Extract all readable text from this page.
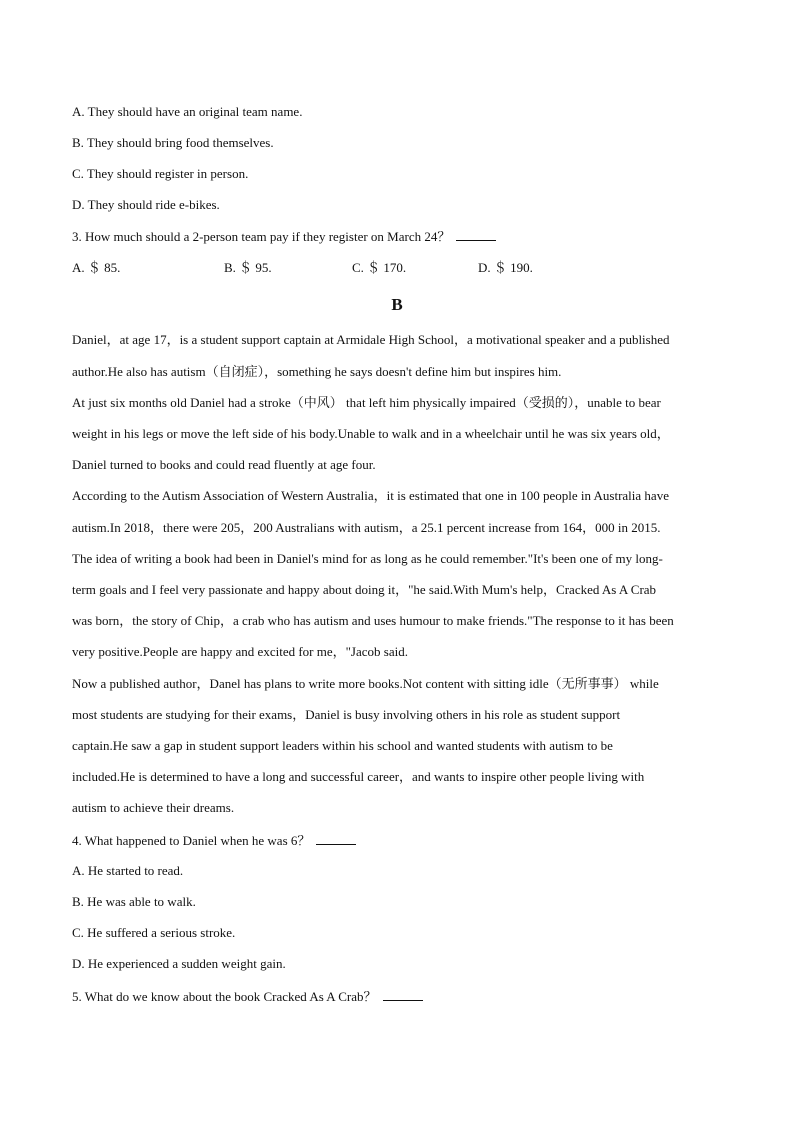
A. They should have an original team name.
B. They should bring food themselves.
C. They should register in person.
D. They should ride e-bikes.
3. How much should a 2-person team pay if they register on March 24？
A. ＄ 85.	B. ＄ 95.	C. ＄ 170.	D. ＄ 190.
B
Daniel，at age 17，is a student support captain at Armidale High School，a motivational speaker and a published
author.He also has autism（自闭症），something he says doesn't define him but inspires him.
At just six months old Daniel had a stroke（中风） that left him physically impaired（受损的），unable to bear
weight in his legs or move the left side of his body.Unable to walk and in a wheelchair until he was six years old，
Daniel turned to books and could read fluently at age four.
According to the Autism Association of Western Australia，it is estimated that one in 100 people in Australia have
autism.In 2018，there were 205，200 Australians with autism，a 25.1 percent increase from 164，000 in 2015.
The idea of writing a book had been in Daniel's mind for as long as he could remember."It's been one of my long-
term goals and I feel very passionate and happy about doing it，"he said.With Mum's help，Cracked As A Crab
was born，the story of Chip，a crab who has autism and uses humour to make friends."The response to it has been
very positive.People are happy and excited for me，"Jacob said.
Now a published author，Danel has plans to write more books.Not content with sitting idle（无所事事） while
most students are studying for their exams，Daniel is busy involving others in his role as student support
captain.He saw a gap in student support leaders within his school and wanted students with autism to be
included.He is determined to have a long and successful career，and wants to inspire other people living with
autism to achieve their dreams.
4. What happened to Daniel when he was 6？
A. He started to read.
B. He was able to walk.
C. He suffered a serious stroke.
D. He experienced a sudden weight gain.
5. What do we know about the book Cracked As A Crab？
